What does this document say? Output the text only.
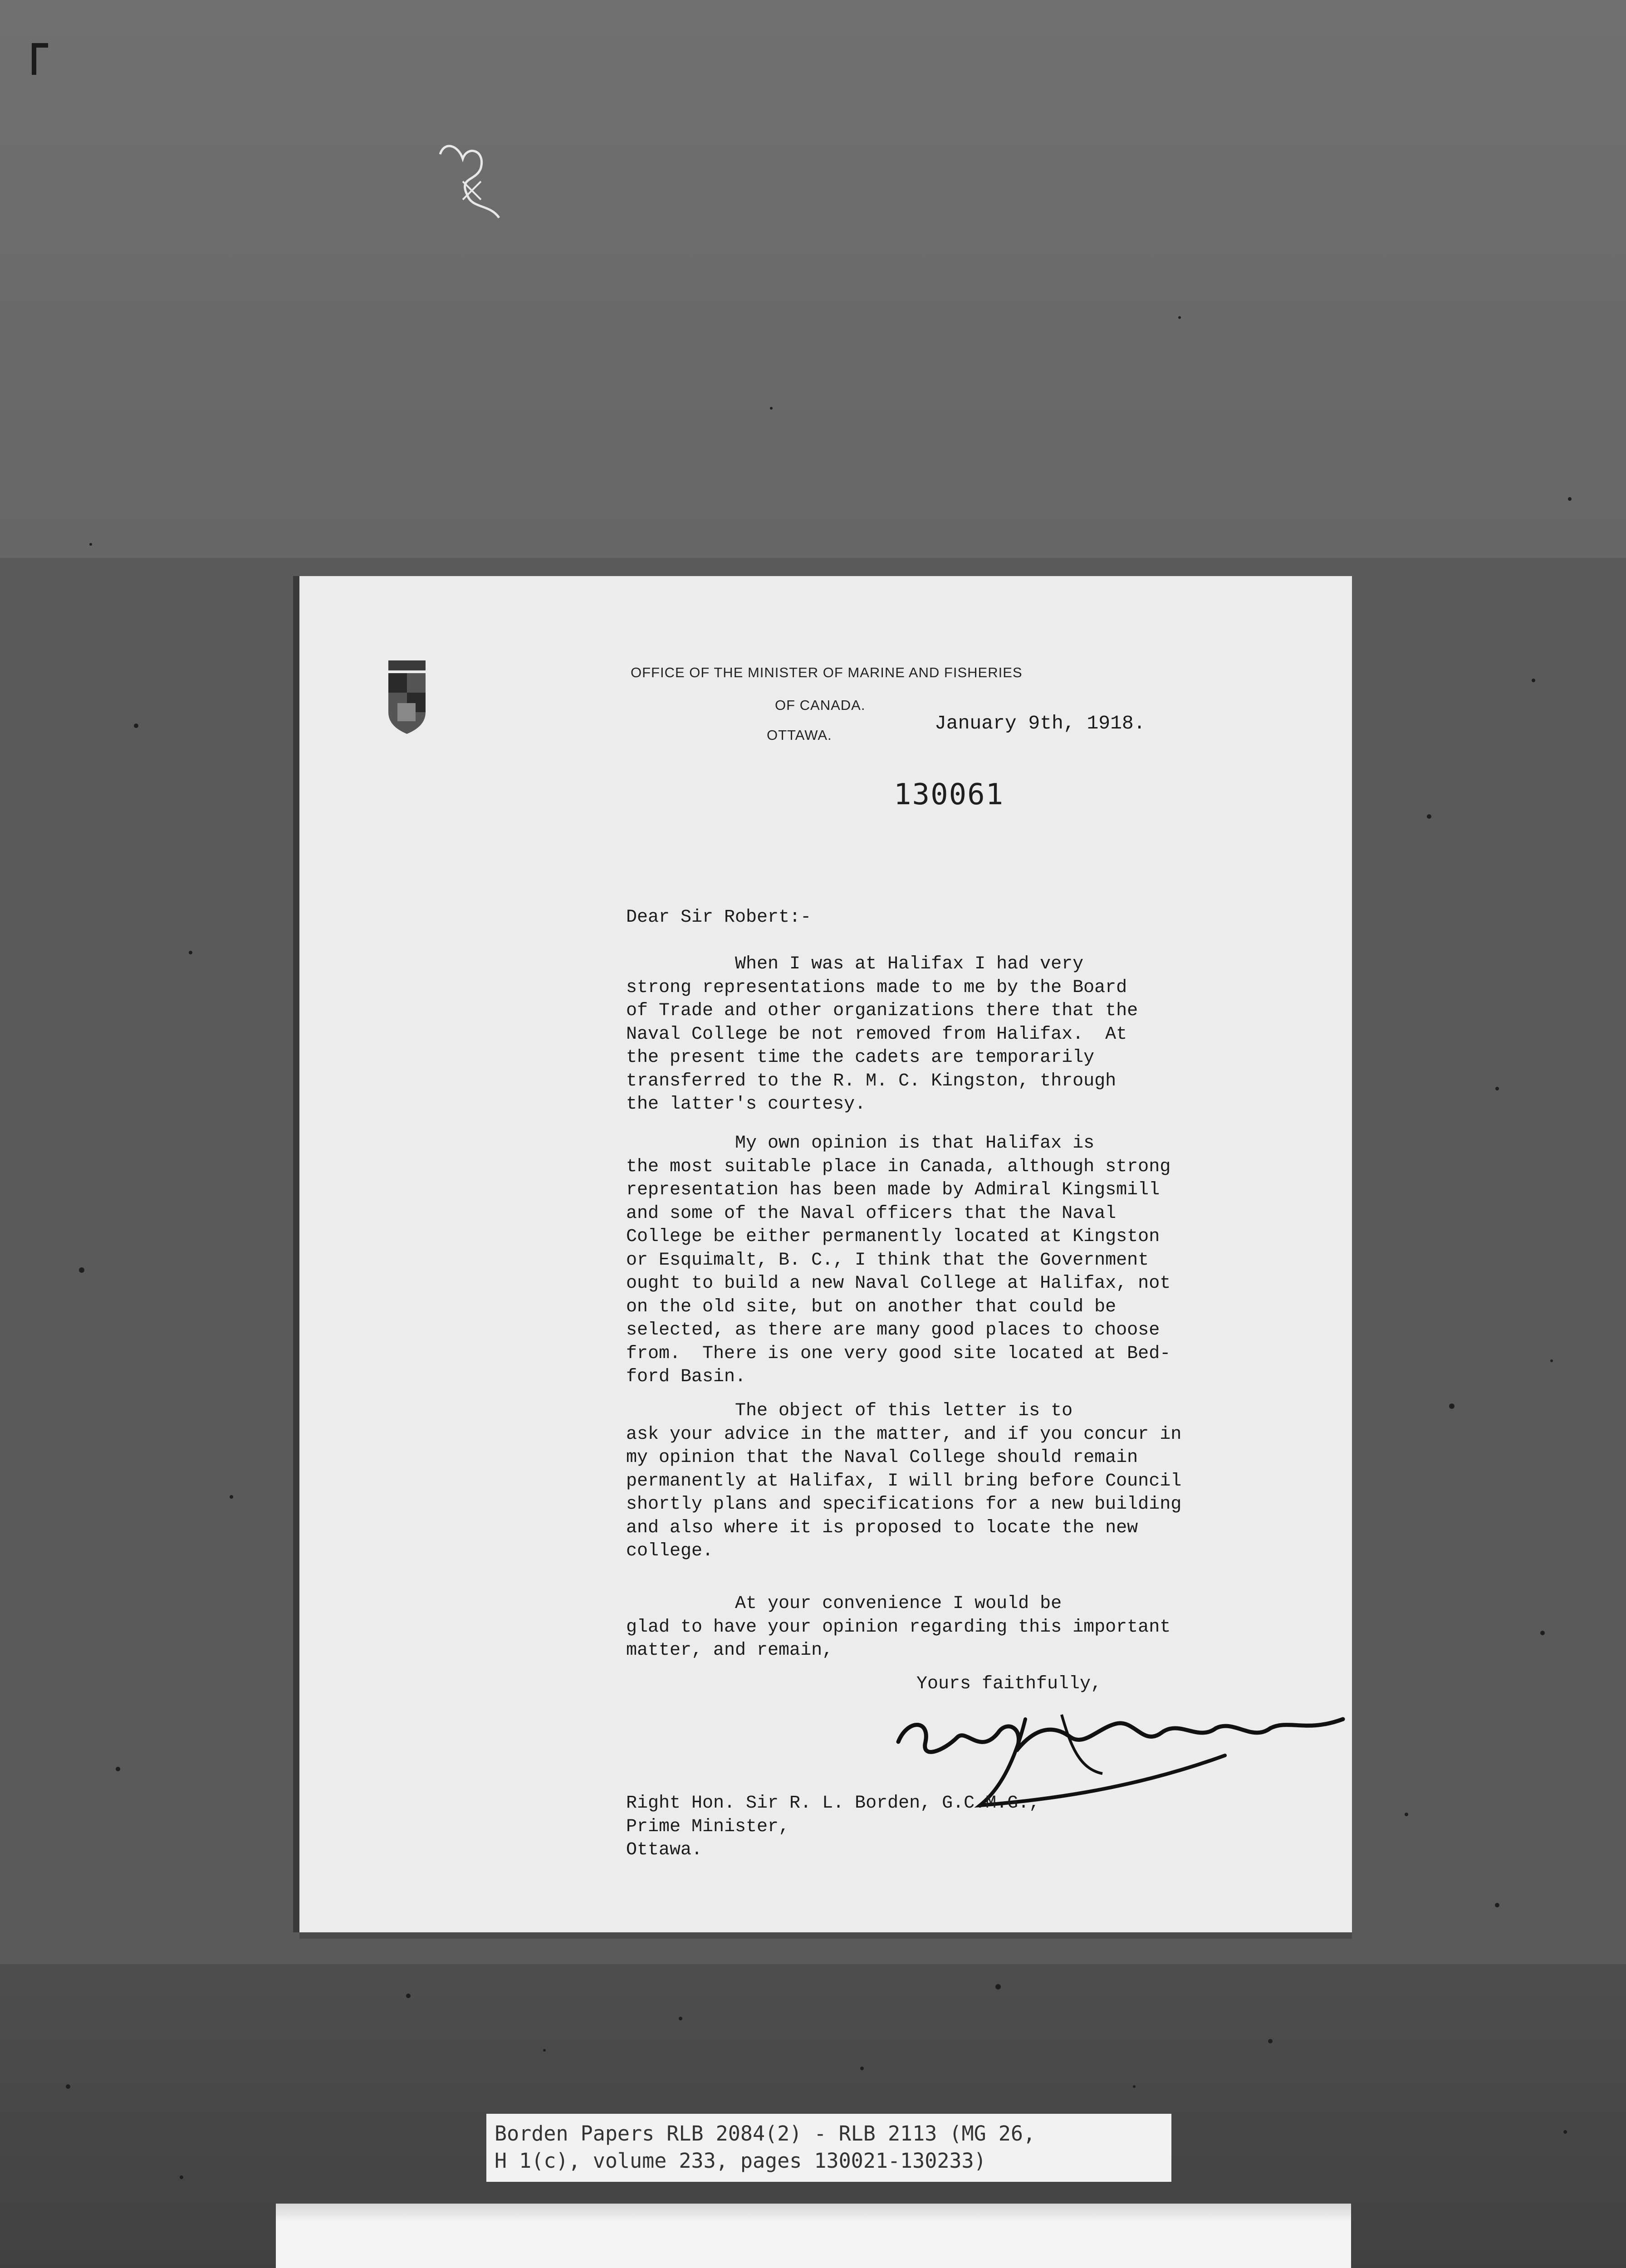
OFFICE OF THE MINISTER OF MARINE AND FISHERIES
OF CANADA.
OTTAWA.
January 9th, 1918.
130061
Dear Sir Robert:-
When I was at Halifax I had very
strong representations made to me by the Board
of Trade and other organizations there that the
Naval College be not removed from Halifax.  At
the present time the cadets are temporarily
transferred to the R. M. C. Kingston, through
the latter's courtesy.
My own opinion is that Halifax is
the most suitable place in Canada, although strong
representation has been made by Admiral Kingsmill
and some of the Naval officers that the Naval
College be either permanently located at Kingston
or Esquimalt, B. C., I think that the Government
ought to build a new Naval College at Halifax, not
on the old site, but on another that could be
selected, as there are many good places to choose
from.  There is one very good site located at Bed-
ford Basin.
The object of this letter is to
ask your advice in the matter, and if you concur in
my opinion that the Naval College should remain
permanently at Halifax, I will bring before Council
shortly plans and specifications for a new building
and also where it is proposed to locate the new
college.
At your convenience I would be
glad to have your opinion regarding this important
matter, and remain,
Yours faithfully,
Right Hon. Sir R. L. Borden, G.C.M.G.,
Prime Minister,
Ottawa.
Borden Papers RLB 2084(2) - RLB 2113 (MG 26,
H 1(c), volume 233, pages 130021-130233)
